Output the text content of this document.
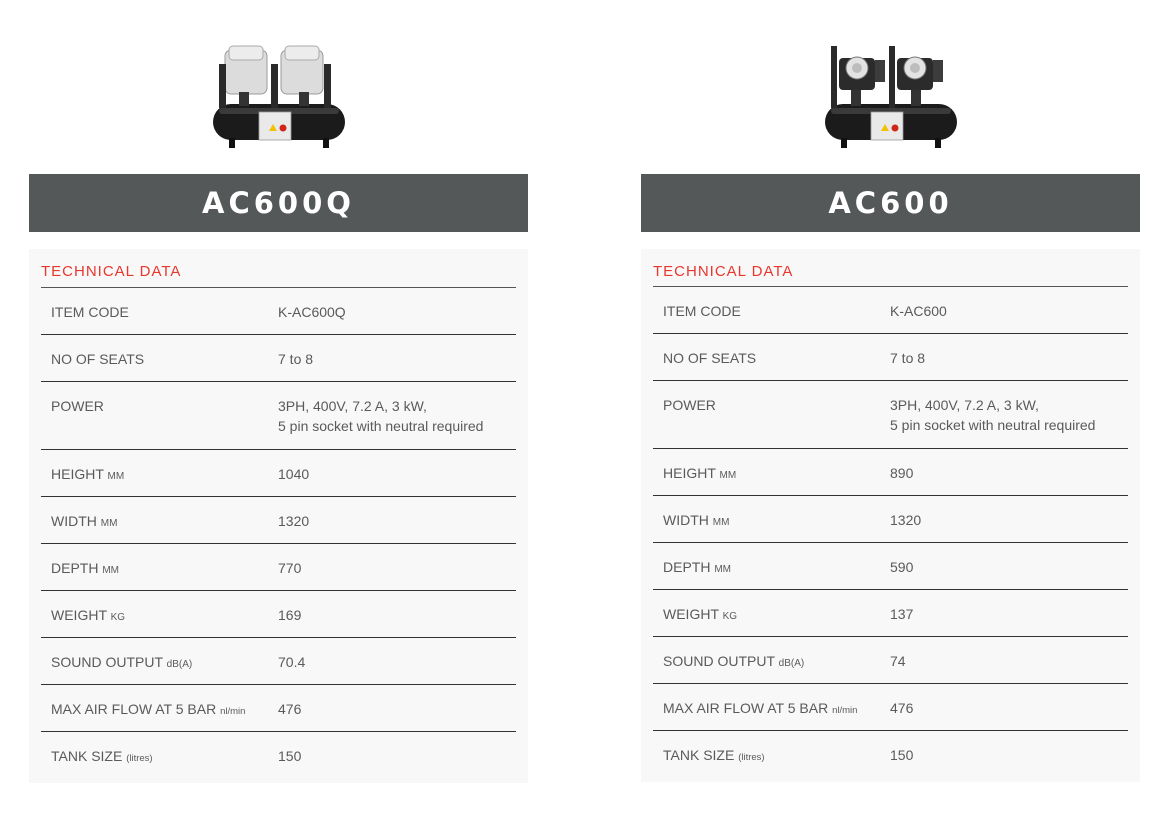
AC600Q
TECHNICAL DATA
ITEM CODE	K-AC600Q
NO OF SEATS	7 to 8
POWER	3PH, 400V, 7.2 A, 3 kW,
5 pin socket with neutral required
HEIGHT MM	1040
WIDTH MM	1320
DEPTH MM	770
WEIGHT KG	169
SOUND OUTPUT dB(A)	70.4
MAX AIR FLOW AT 5 BAR nl/min	476
TANK SIZE (litres)	150
AC600
TECHNICAL DATA
ITEM CODE	K-AC600
NO OF SEATS	7 to 8
POWER	3PH, 400V, 7.2 A, 3 kW,
5 pin socket with neutral required
HEIGHT MM	890
WIDTH MM	1320
DEPTH MM	590
WEIGHT KG	137
SOUND OUTPUT dB(A)	74
MAX AIR FLOW AT 5 BAR nl/min	476
TANK SIZE (litres)	150
